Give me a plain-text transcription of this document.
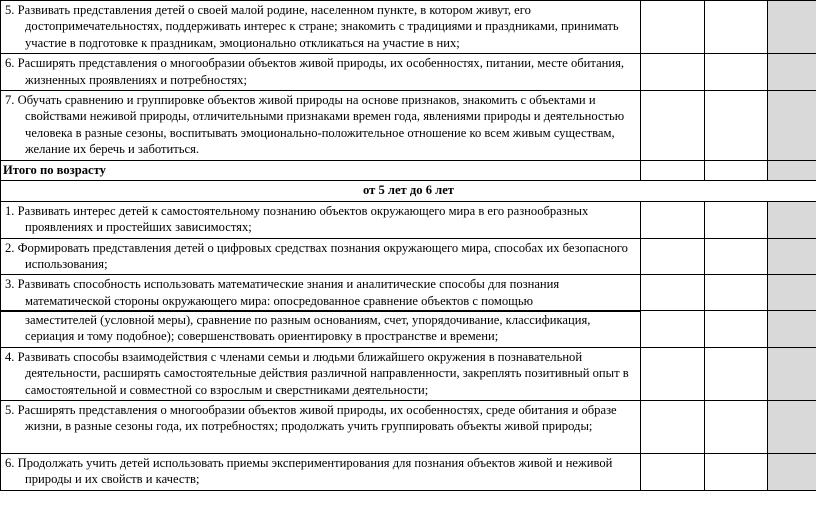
5. Развивать представления детей о своей малой родине, населенном пункте, в котором живут, его достопримечательностях, поддерживать интерес к стране; знакомить с традициями и праздниками, принимать участие в подготовке к праздникам, эмоционально откликаться на участие в них;			

6. Расширять представления о многообразии объектов живой природы, их особенностях, питании, месте обитания, жизненных проявлениях и потребностях;			

7. Обучать сравнению и группировке объектов живой природы на основе признаков, знакомить с объектами и свойствами неживой природы, отличительными признаками времен года, явлениями природы и деятельностью человека в разные сезоны, воспитывать эмоционально-положительное отношение ко всем живым существам, желание их беречь и заботиться.			

Итого по возрасту			

от 5 лет до 6 лет			

1. Развивать интерес детей к самостоятельному познанию объектов окружающего мира в его разнообразных проявлениях и простейших зависимостях;			

2. Формировать представления детей о цифровых средствах познания окружающего мира, способах их безопасного использования;			

3. Развивать способность использовать математические знания и аналитические способы для познания математической стороны окружающего мира: опосредованное сравнение объектов с помощью			

заместителей (условной меры), сравнение по разным основаниям, счет, упорядочивание, классификация, сериация и тому подобное); совершенствовать ориентировку в пространстве и времени;			

4. Развивать способы взаимодействия с членами семьи и людьми ближайшего окружения в познавательной деятельности, расширять самостоятельные действия различной направленности, закреплять позитивный опыт в самостоятельной и совместной со взрослым и сверстниками деятельности;			

5. Расширять представления о многообразии объектов живой природы, их особенностях, среде обитания и образе жизни, в разные сезоны года, их потребностях; продолжать учить группировать объекты живой природы;			

6. Продолжать учить детей использовать приемы экспериментирования для познания объектов живой и неживой природы и их свойств и качеств;			
